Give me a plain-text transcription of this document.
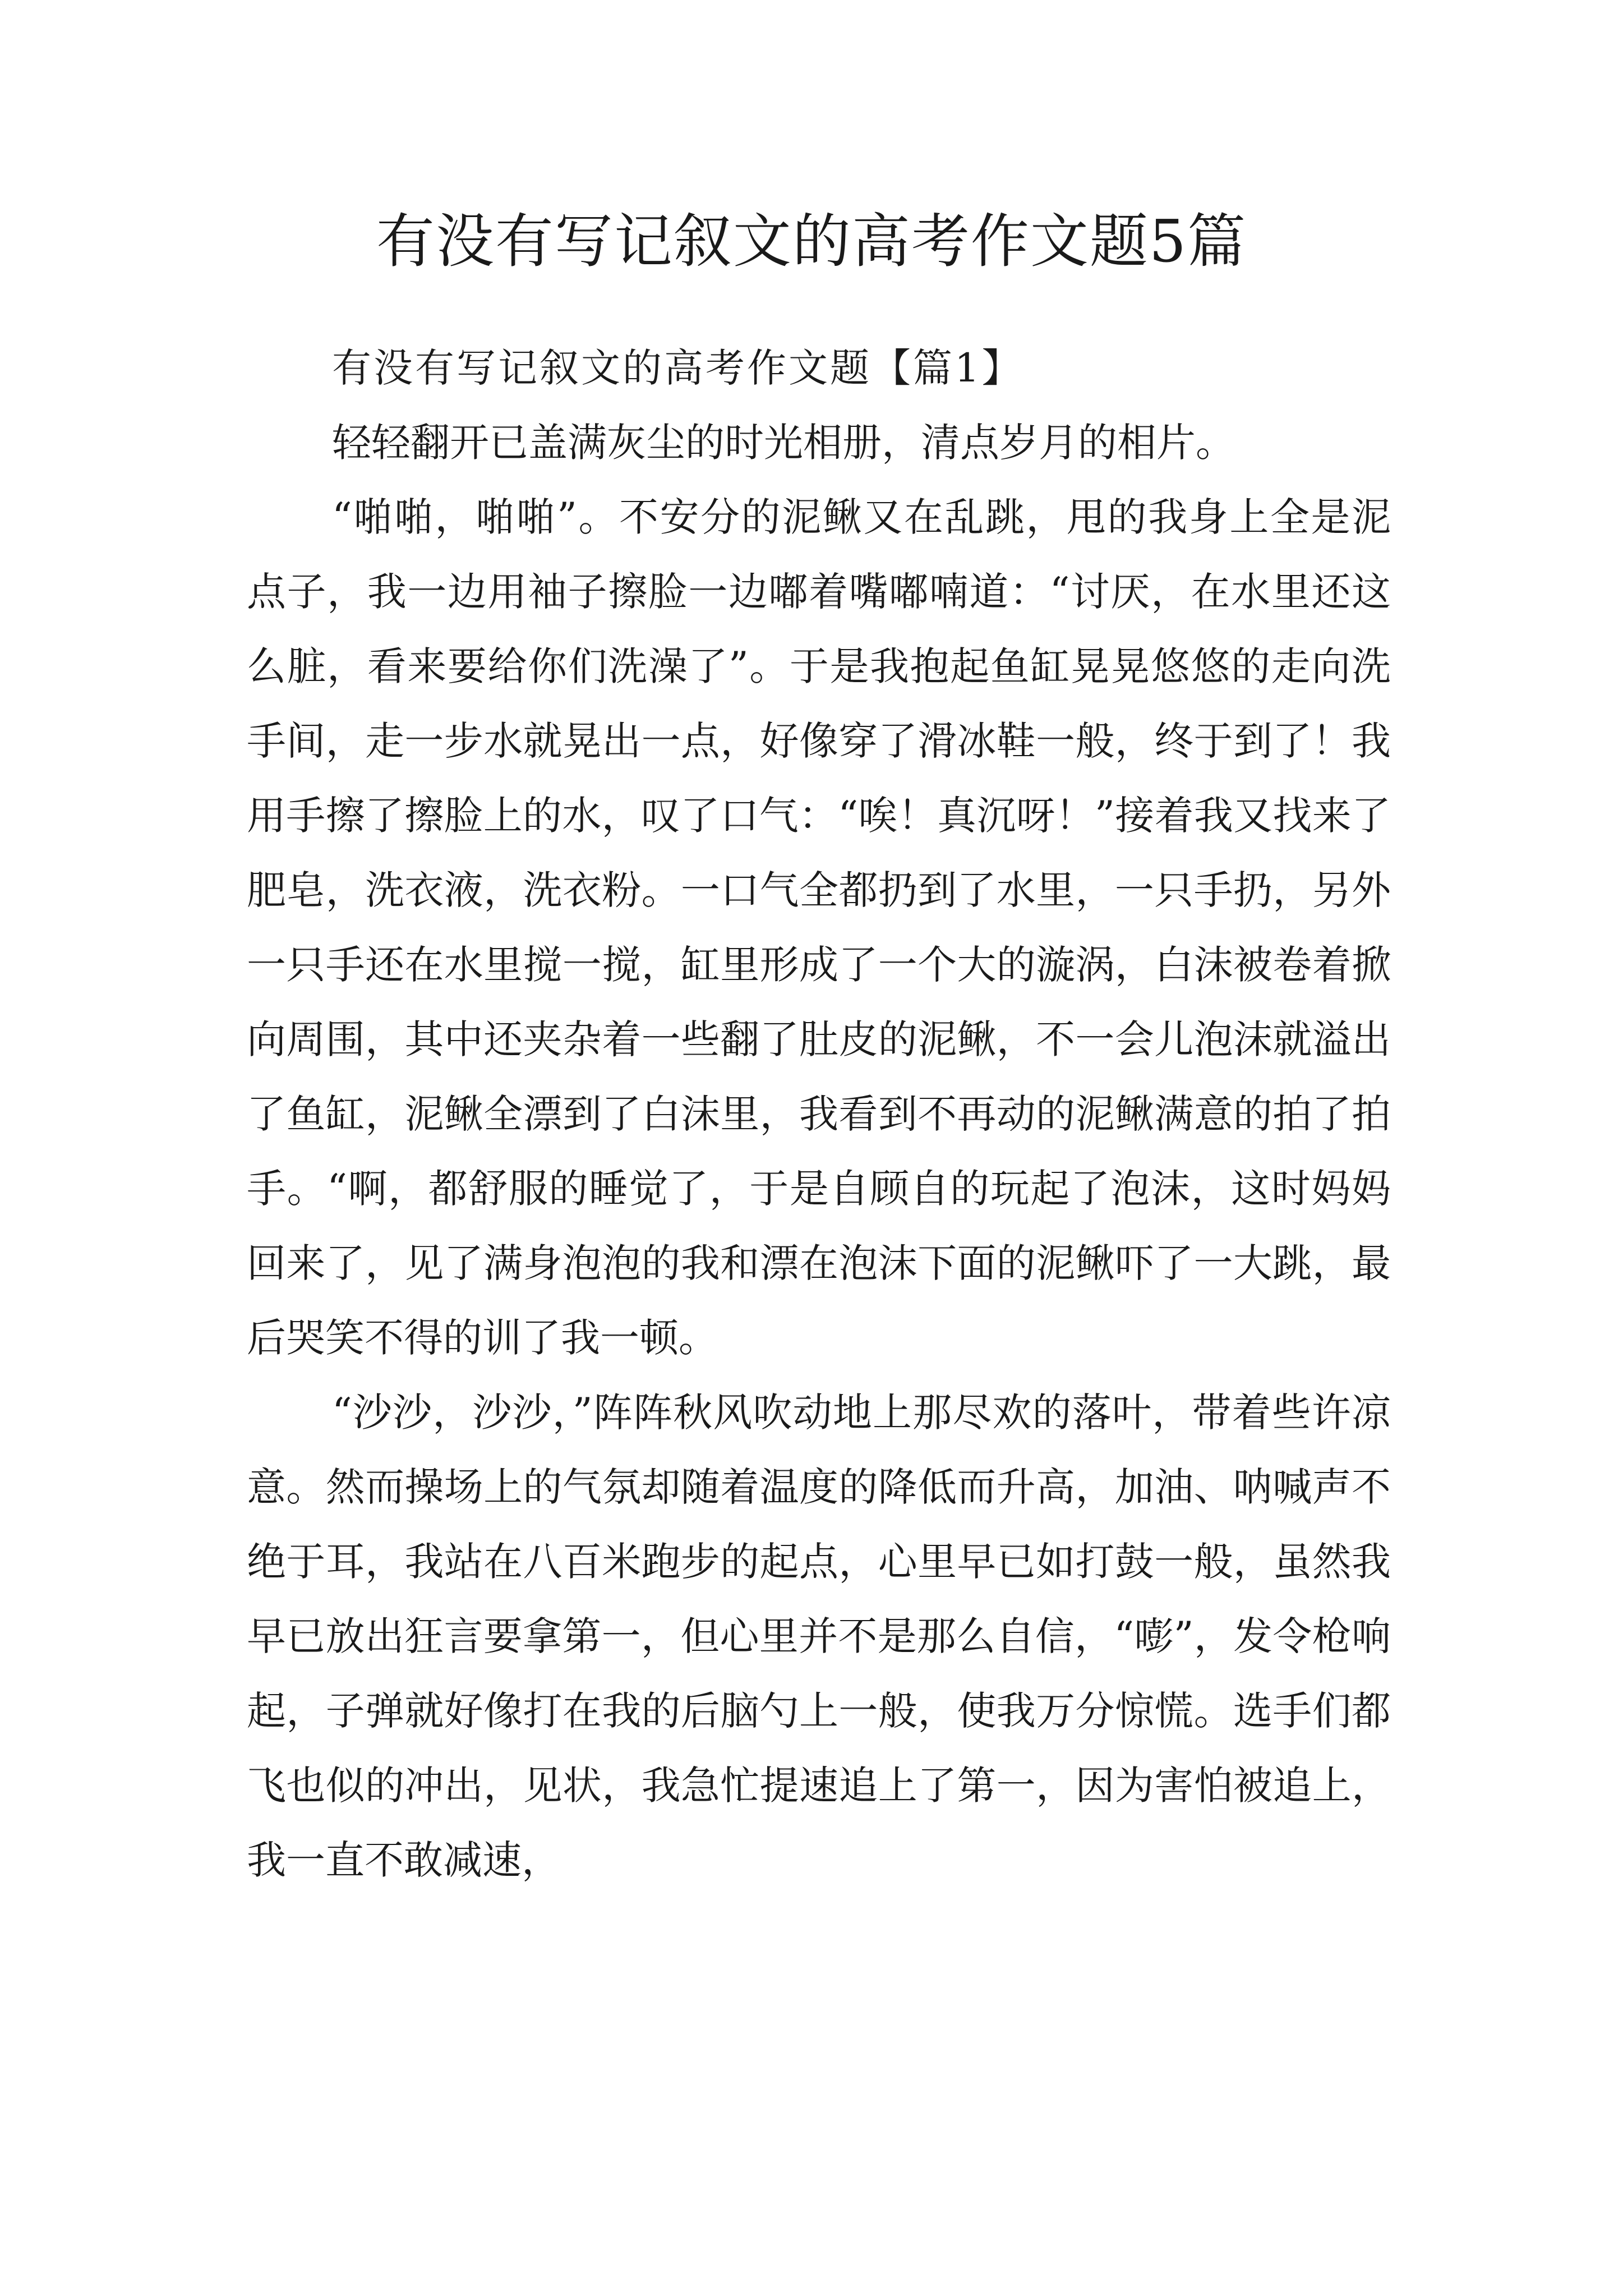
有没有写记叙文的高考作文题5篇

有没有写记叙文的高考作文题【篇1】

轻轻翻开已盖满灰尘的时光相册，清点岁月的相片。

“啪啪，啪啪”。不安分的泥鳅又在乱跳，甩的我身上全是泥点子，我一边用袖子擦脸一边嘟着嘴嘟喃道：“讨厌，在水里还这么脏，看来要给你们洗澡了”。于是我抱起鱼缸晃晃悠悠的走向洗手间，走一步水就晃出一点，好像穿了滑冰鞋一般，终于到了！我用手擦了擦脸上的水，叹了口气：“唉！真沉呀！”接着我又找来了肥皂，洗衣液，洗衣粉。一口气全都扔到了水里，一只手扔，另外一只手还在水里搅一搅，缸里形成了一个大的漩涡，白沫被卷着掀向周围，其中还夹杂着一些翻了肚皮的泥鳅，不一会儿泡沫就溢出了鱼缸，泥鳅全漂到了白沫里，我看到不再动的泥鳅满意的拍了拍手。“啊，都舒服的睡觉了，于是自顾自的玩起了泡沫，这时妈妈回来了，见了满身泡泡的我和漂在泡沫下面的泥鳅吓了一大跳，最后哭笑不得的训了我一顿。

“沙沙，沙沙，”阵阵秋风吹动地上那尽欢的落叶，带着些许凉意。然而操场上的气氛却随着温度的降低而升高，加油、呐喊声不绝于耳，我站在八百米跑步的起点，心里早已如打鼓一般，虽然我早已放出狂言要拿第一，但心里并不是那么自信，“嘭”，发令枪响起，子弹就好像打在我的后脑勺上一般，使我万分惊慌。选手们都飞也似的冲出，见状，我急忙提速追上了第一，因为害怕被追上，我一直不敢减速，
